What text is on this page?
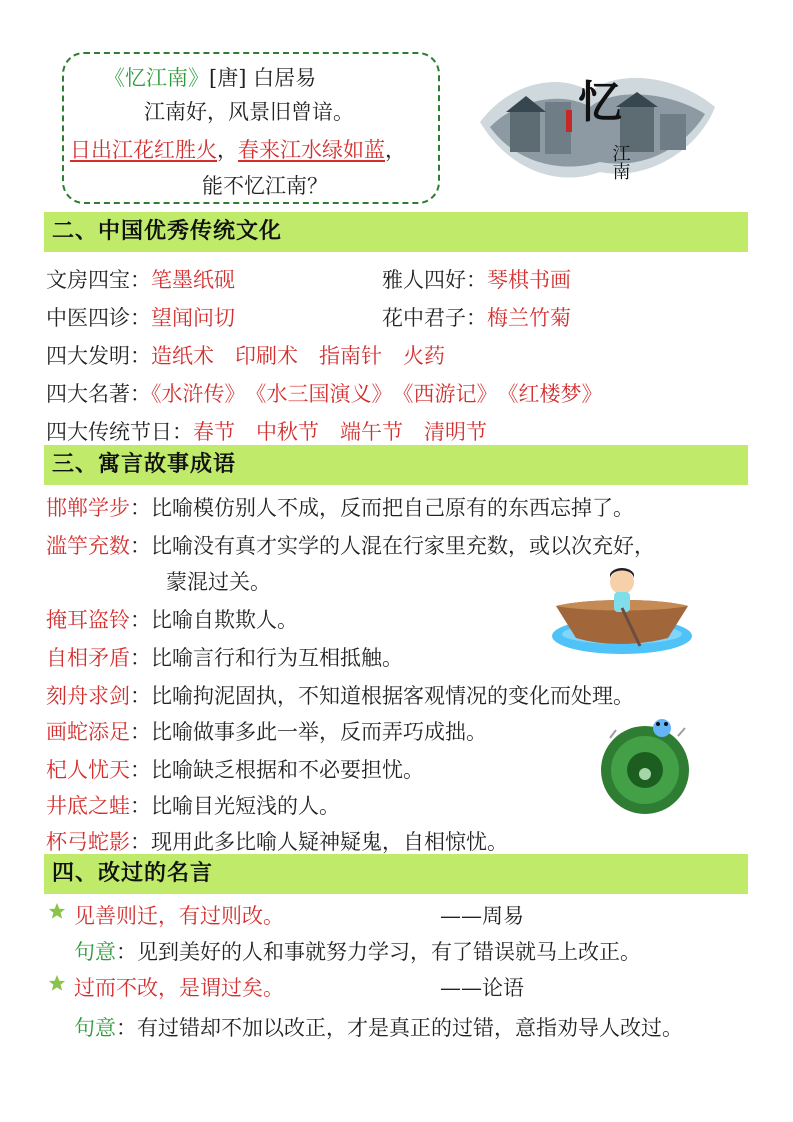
《忆江南》[唐] 白居易
江南好，风景旧曾谙。
日出江花红胜火，春来江水绿如蓝，
能不忆江南？
忆
江南
二、中国优秀传统文化
文房四宝：笔墨纸砚	雅人四好：琴棋书画
中医四诊：望闻问切	花中君子：梅兰竹菊
四大发明：造纸术　印刷术　指南针　火药
四大名著：《水浒传》　《水三国演义》　《西游记》　《红楼梦》
四大传统节日：春节　中秋节　端午节　清明节
三、寓言故事成语
邯郸学步：比喻模仿别人不成，反而把自己原有的东西忘掉了。
滥竽充数：比喻没有真才实学的人混在行家里充数，或以次充好，
蒙混过关。
掩耳盗铃：比喻自欺欺人。
自相矛盾：比喻言行和行为互相抵触。
刻舟求剑：比喻拘泥固执，不知道根据客观情况的变化而处理。
画蛇添足：比喻做事多此一举，反而弄巧成拙。
杞人忧天：比喻缺乏根据和不必要担忧。
井底之蛙：比喻目光短浅的人。
杯弓蛇影：现用此多比喻人疑神疑鬼，自相惊忧。
四、改过的名言
见善则迁，有过则改。	——周易
句意：见到美好的人和事就努力学习，有了错误就马上改正。
过而不改，是谓过矣。	——论语
句意：有过错却不加以改正，才是真正的过错，意指劝导人改过。
